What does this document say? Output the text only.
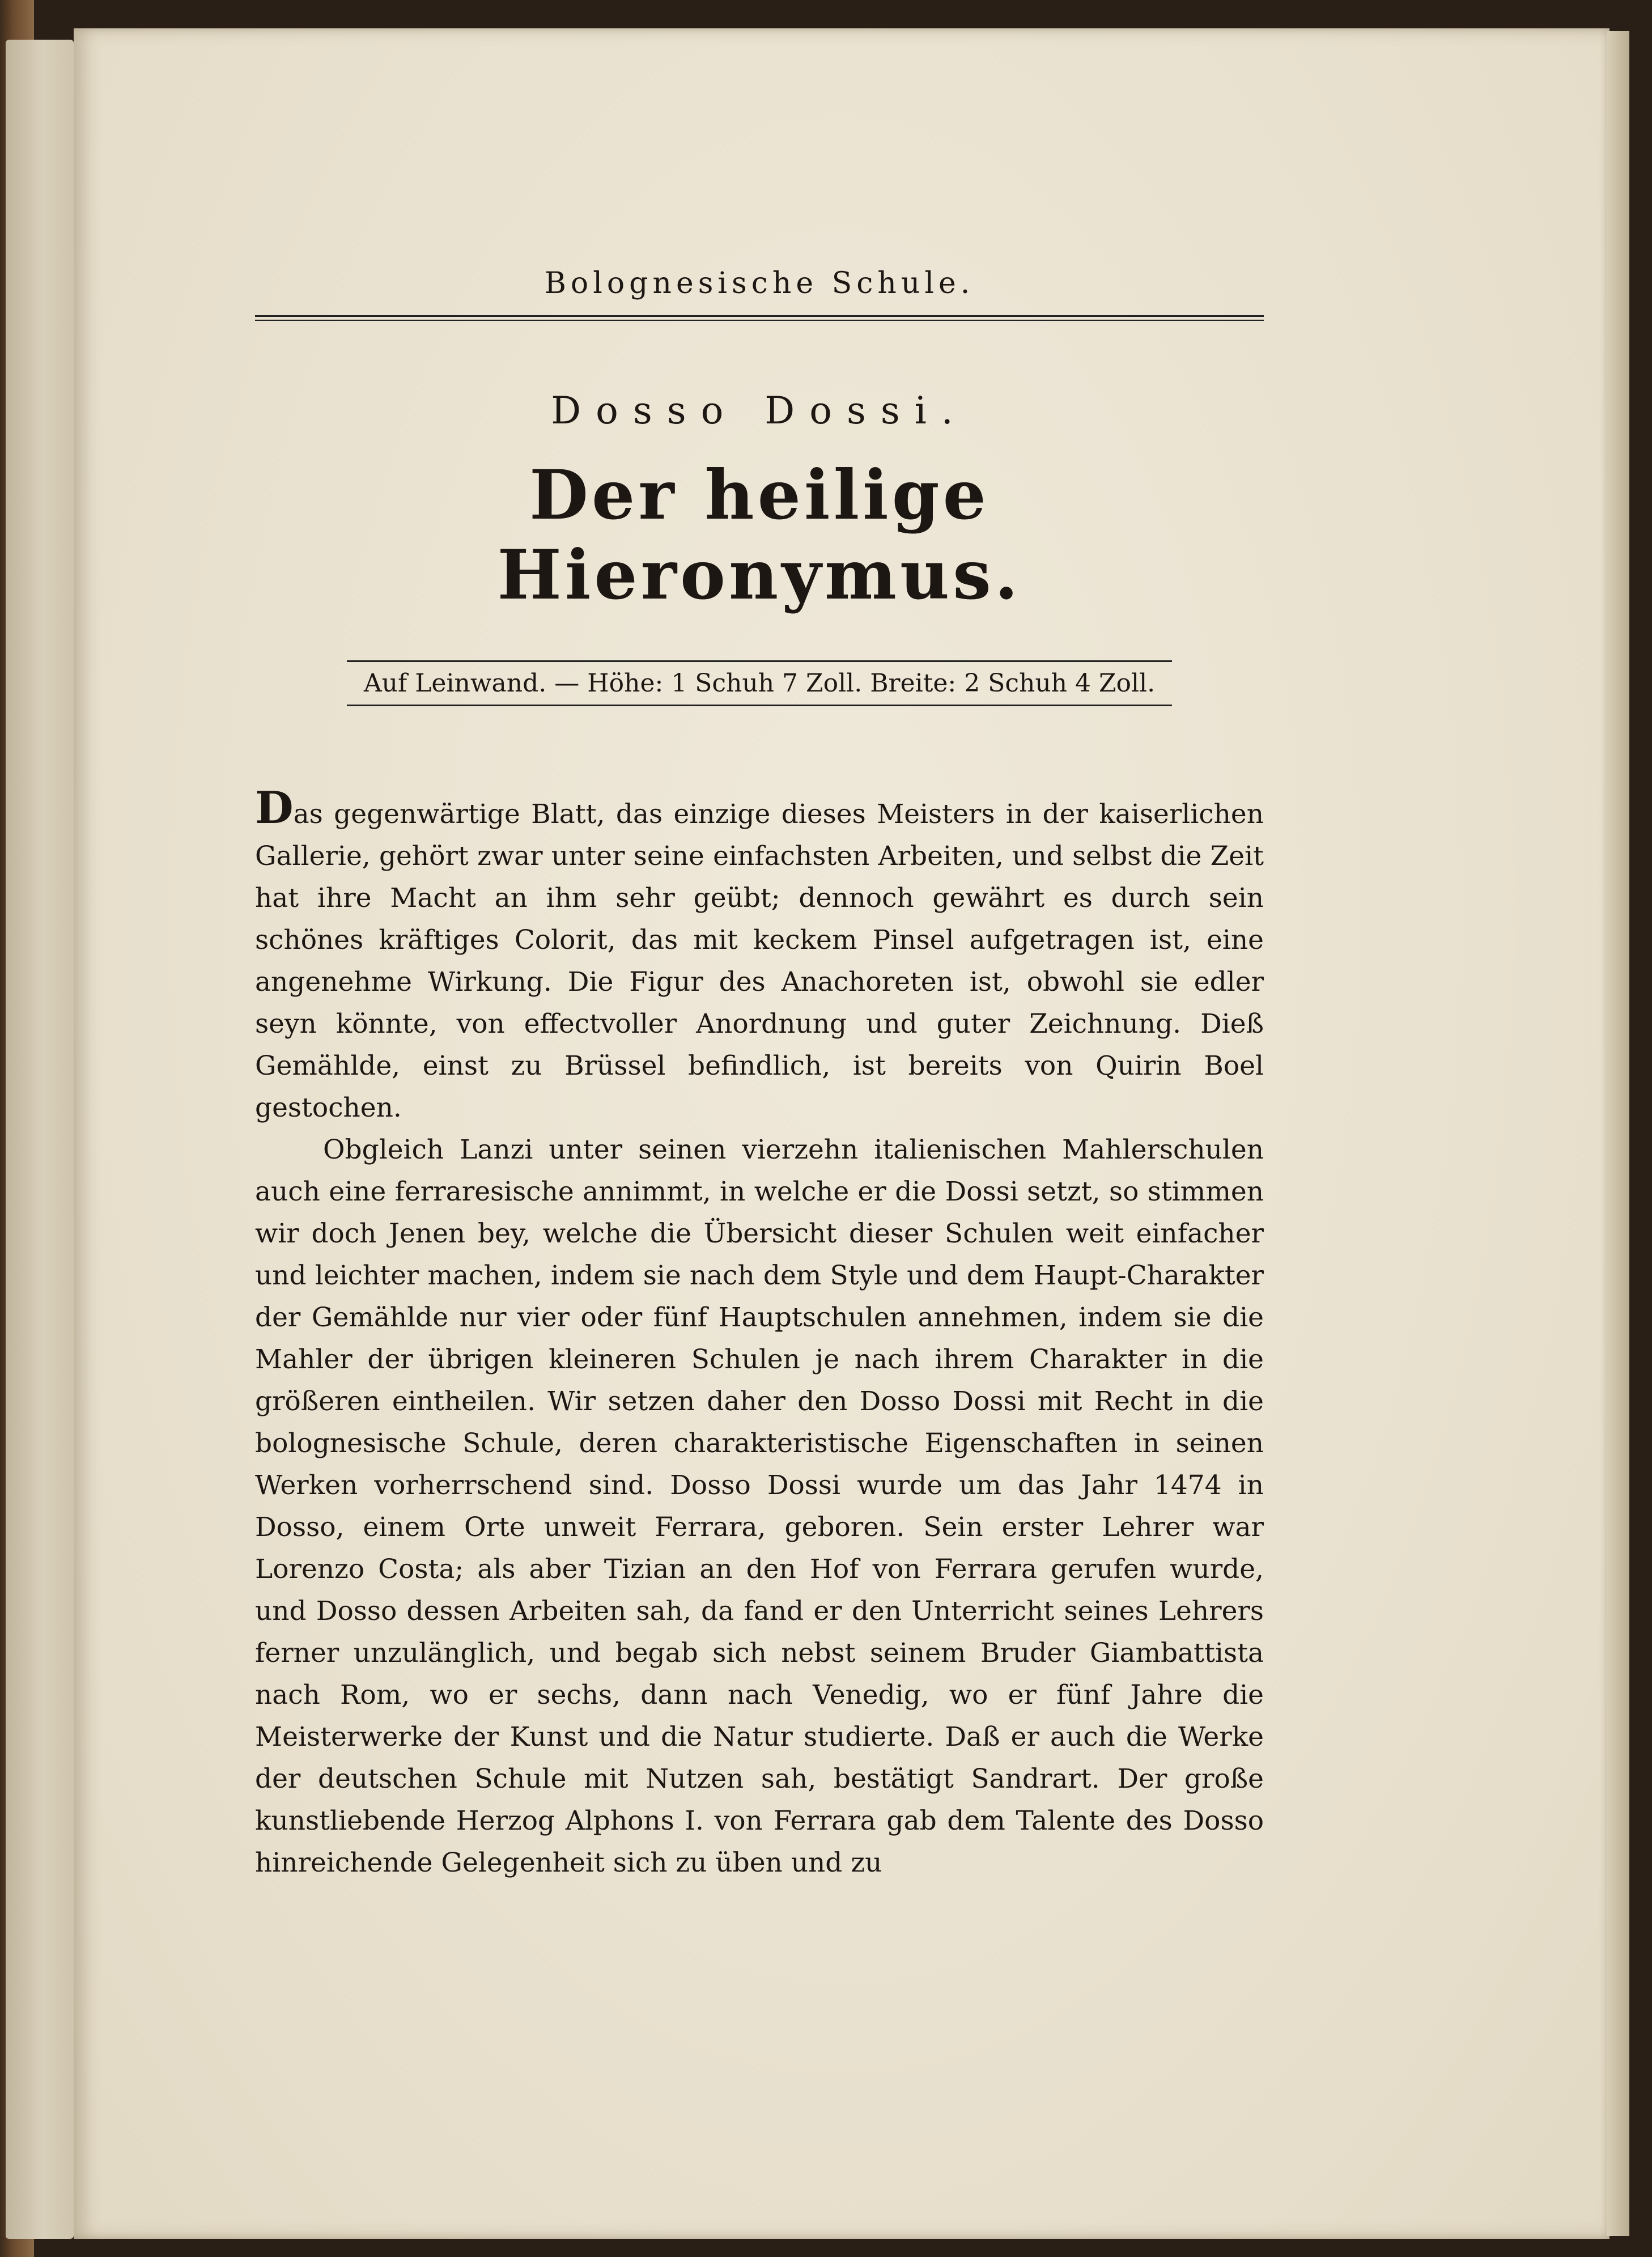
Bolognesische Schule.
Dosso Dossi.
Der heilige Hieronymus.
Auf Leinwand. — Höhe: 1 Schuh 7 Zoll. Breite: 2 Schuh 4 Zoll.

Das gegenwärtige Blatt, das einzige dieses Meisters in der kaiserlichen Gallerie, gehört zwar unter seine einfachsten Arbeiten, und selbst die Zeit hat ihre Macht an ihm sehr geübt; dennoch gewährt es durch sein schönes kräftiges Colorit, das mit keckem Pinsel aufgetragen ist, eine angenehme Wirkung. Die Figur des Anachoreten ist, obwohl sie edler seyn könnte, von effectvoller Anordnung und guter Zeichnung. Dieß Gemählde, einst zu Brüssel befindlich, ist bereits von Quirin Boel gestochen.

Obgleich Lanzi unter seinen vierzehn italienischen Mahlerschulen auch eine ferraresische annimmt, in welche er die Dossi setzt, so stimmen wir doch Jenen bey, welche die Übersicht dieser Schulen weit einfacher und leichter machen, indem sie nach dem Style und dem Haupt-Charakter der Gemählde nur vier oder fünf Hauptschulen annehmen, indem sie die Mahler der übrigen kleineren Schulen je nach ihrem Charakter in die größeren eintheilen. Wir setzen daher den Dosso Dossi mit Recht in die bolognesische Schule, deren charakteristische Eigenschaften in seinen Werken vorherrschend sind. Dosso Dossi wurde um das Jahr 1474 in Dosso, einem Orte unweit Ferrara, geboren. Sein erster Lehrer war Lorenzo Costa; als aber Tizian an den Hof von Ferrara gerufen wurde, und Dosso dessen Arbeiten sah, da fand er den Unterricht seines Lehrers ferner unzulänglich, und begab sich nebst seinem Bruder Giambattista nach Rom, wo er sechs, dann nach Venedig, wo er fünf Jahre die Meisterwerke der Kunst und die Natur studierte. Daß er auch die Werke der deutschen Schule mit Nutzen sah, bestätigt Sandrart. Der große kunstliebende Herzog Alphons I. von Ferrara gab dem Talente des Dosso hinreichende Gelegenheit sich zu üben und zu
